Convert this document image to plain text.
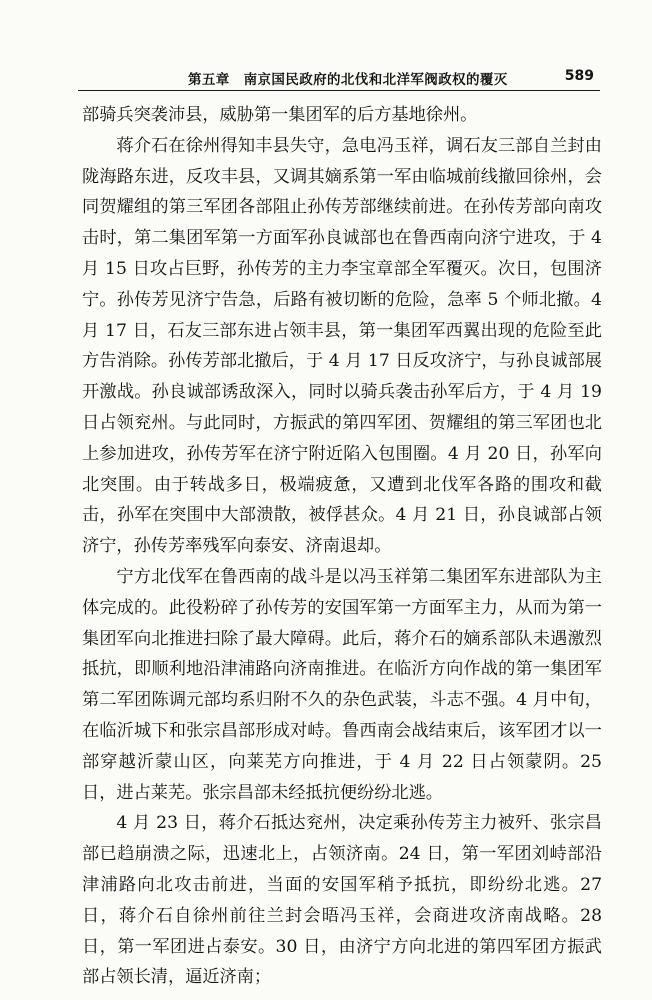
第五章　南京国民政府的北伐和北洋军阀政权的覆灭	589

部骑兵突袭沛县，威胁第一集团军的后方基地徐州。

蒋介石在徐州得知丰县失守，急电冯玉祥，调石友三部自兰封由陇海路东进，反攻丰县，又调其嫡系第一军由临城前线撤回徐州，会同贺耀组的第三军团各部阻止孙传芳部继续前进。在孙传芳部向南攻击时，第二集团军第一方面军孙良诚部也在鲁西南向济宁进攻，于 4 月 15 日攻占巨野，孙传芳的主力李宝章部全军覆灭。次日，包围济宁。孙传芳见济宁告急，后路有被切断的危险，急率 5 个师北撤。4 月 17 日，石友三部东进占领丰县，第一集团军西翼出现的危险至此方告消除。孙传芳部北撤后，于 4 月 17 日反攻济宁，与孙良诚部展开激战。孙良诚部诱敌深入，同时以骑兵袭击孙军后方，于 4 月 19 日占领兖州。与此同时，方振武的第四军团、贺耀组的第三军团也北上参加进攻，孙传芳军在济宁附近陷入包围圈。4 月 20 日，孙军向北突围。由于转战多日，极端疲惫，又遭到北伐军各路的围攻和截击，孙军在突围中大部溃散，被俘甚众。4 月 21 日，孙良诚部占领济宁，孙传芳率残军向泰安、济南退却。

宁方北伐军在鲁西南的战斗是以冯玉祥第二集团军东进部队为主体完成的。此役粉碎了孙传芳的安国军第一方面军主力，从而为第一集团军向北推进扫除了最大障碍。此后，蒋介石的嫡系部队未遇激烈抵抗，即顺利地沿津浦路向济南推进。在临沂方向作战的第一集团军第二军团陈调元部均系归附不久的杂色武装，斗志不强。4 月中旬，在临沂城下和张宗昌部形成对峙。鲁西南会战结束后，该军团才以一部穿越沂蒙山区，向莱芜方向推进，于 4 月 22 日占领蒙阴。25 日，进占莱芜。张宗昌部未经抵抗便纷纷北逃。

4 月 23 日，蒋介石抵达兖州，决定乘孙传芳主力被歼、张宗昌部已趋崩溃之际，迅速北上，占领济南。24 日，第一军团刘峙部沿津浦路向北攻击前进，当面的安国军稍予抵抗，即纷纷北逃。27 日，蒋介石自徐州前往兰封会晤冯玉祥，会商进攻济南战略。28 日，第一军团进占泰安。30 日，由济宁方向北进的第四军团方振武部占领长清，逼近济南；
